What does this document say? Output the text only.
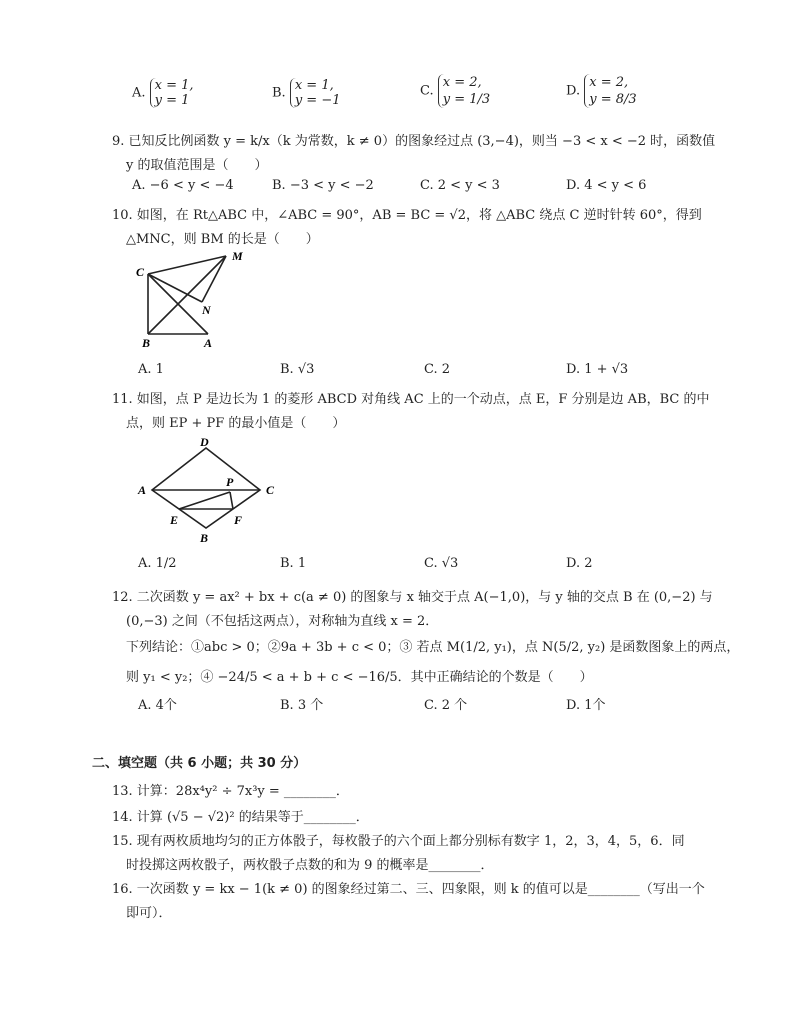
A. x = 1,
y = 1	B. x = 1,
y = −1
C. x = 2,
y = 1/3
D. x = 2,
y = 8/3
9. 已知反比例函数 y = k/x（k 为常数，k ≠ 0）的图象经过点 (3,−4)，则当 −3 < x < −2 时，函数值
y 的取值范围是（　　）
A. −6 < y < −4	B. −3 < y < −2	C. 2 < y < 3	D. 4 < y < 6
10. 如图，在 Rt△ABC 中，∠ABC = 90°，AB = BC = √2，将 △ABC 绕点 C 逆时针转 60°，得到
△MNC，则 BM 的长是（　　）
C
M
N
B	A
A. 1	B. √3	C. 2	D. 1 + √3
11. 如图，点 P 是边长为 1 的菱形 ABCD 对角线 AC 上的一个动点，点 E，F 分别是边 AB，BC 的中
点，则 EP + PF 的最小值是（　　）
D
A
P
C
E	F
B
A. 1/2	B. 1	C. √3	D. 2
12. 二次函数 y = ax² + bx + c(a ≠ 0) 的图象与 x 轴交于点 A(−1,0)，与 y 轴的交点 B 在 (0,−2) 与
(0,−3) 之间（不包括这两点），对称轴为直线 x = 2．
下列结论：①abc > 0；②9a + 3b + c < 0；③ 若点 M(1/2, y₁)，点 N(5/2, y₂) 是函数图象上的两点，
则 y₁ < y₂；④ −24/5 < a + b + c < −16/5．其中正确结论的个数是（　　）
A. 4个	B. 3 个	C. 2 个	D. 1个
二、填空题（共 6 小题；共 30 分）
13. 计算：28x⁴y² ÷ 7x³y = ________．
14. 计算 (√5 − √2)² 的结果等于________．
15. 现有两枚质地均匀的正方体骰子，每枚骰子的六个面上都分别标有数字 1，2，3，4，5，6．同
时投掷这两枚骰子，两枚骰子点数的和为 9 的概率是________．
16. 一次函数 y = kx − 1(k ≠ 0) 的图象经过第二、三、四象限，则 k 的值可以是________（写出一个
即可）．
